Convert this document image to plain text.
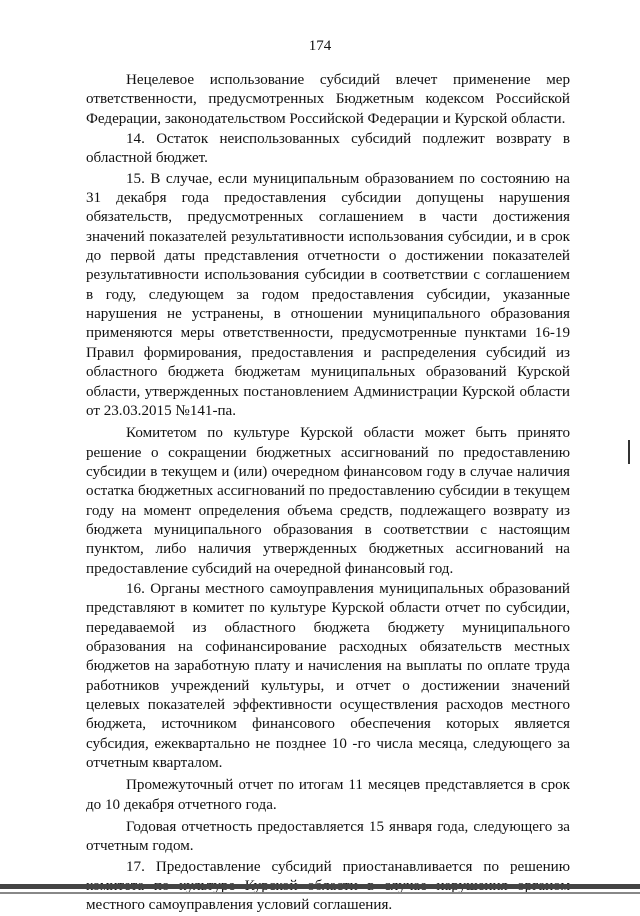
174

Нецелевое использование субсидий влечет применение мер ответственности, предусмотренных Бюджетным кодексом Российской Федерации, законодательством Российской Федерации и Курской области.

14. Остаток неиспользованных субсидий подлежит возврату в областной бюджет.

15. В случае, если муниципальным образованием по состоянию на 31 декабря года предоставления субсидии допущены нарушения обязательств, предусмотренных соглашением в части достижения значений показателей результативности использования субсидии, и в срок до первой даты представления отчетности о достижении показателей результативности использования субсидии в соответствии с соглашением в году, следующем за годом предоставления субсидии, указанные нарушения не устранены, в отношении муниципального образования применяются меры ответственности, предусмотренные пунктами 16-19 Правил формирования, предоставления и распределения субсидий из областного бюджета бюджетам муниципальных образований Курской области, утвержденных постановлением Администрации Курской области от 23.03.2015 №141-па.

Комитетом по культуре Курской области может быть принято решение о сокращении бюджетных ассигнований по предоставлению субсидии в текущем и (или) очередном финансовом году в случае наличия остатка бюджетных ассигнований по предоставлению субсидии в текущем году на момент определения объема средств, подлежащего возврату из бюджета муниципального образования в соответствии с настоящим пунктом, либо наличия утвержденных бюджетных ассигнований на предоставление субсидий на очередной финансовый год.

16. Органы местного самоуправления муниципальных образований представляют в комитет по культуре Курской области отчет по субсидии, передаваемой из областного бюджета бюджету муниципального образования на софинансирование расходных обязательств местных бюджетов на заработную плату и начисления на выплаты по оплате труда работников учреждений культуры, и отчет о достижении значений целевых показателей эффективности осуществления расходов местного бюджета, источником финансового обеспечения которых является субсидия, ежеквартально не позднее 10 -го числа месяца, следующего за отчетным кварталом.

Промежуточный отчет по итогам 11 месяцев представляется в срок до 10 декабря отчетного года.

Годовая отчетность предоставляется 15 января года, следующего за отчетным годом.

17. Предоставление субсидий приостанавливается по решению местного самоуправления условий соглашения.
